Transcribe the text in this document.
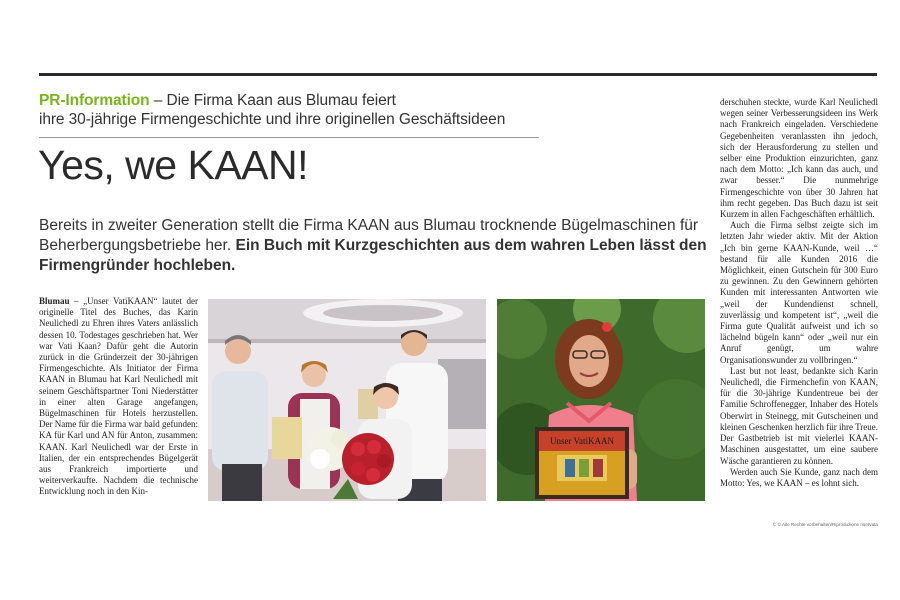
PR-Information – Die Firma Kaan aus Blumau feiert
ihre 30-jährige Firmengeschichte und ihre originellen Geschäftsideen
Yes, we KAAN!
Bereits in zweiter Generation stellt die Firma KAAN aus Blumau trocknende Bügelmaschinen für Beherbergungsbetriebe her. Ein Buch mit Kurzgeschichten aus dem wahren Leben lässt den Firmengründer hochleben.

Blumau – „Unser VatiKAAN“ lautet der originelle Titel des Buches, das Karin Neulichedl zu Ehren ihres Vaters anlässlich dessen 10. Todestages geschrieben hat. Wer war Vati Kaan? Dafür geht die Autorin zurück in die Gründerzeit der 30-jährigen Firmengeschichte. Als Initiator der Firma KAAN in Blumau hat Karl Neulichedl mit seinem Geschäftspartner Toni Niederstätter in einer alten Garage angefangen, Bügelmaschinen für Hotels herzustellen. Der Name für die Firma war bald gefunden: KA für Karl und AN für Anton, zusammen: KAAN. Karl Neulichedl war der Erste in Italien, der ein entsprechendes Bügelgerät aus Frankreich importierte und weiterverkaufte. Nachdem die technische Entwicklung noch in den Kin-

Unser VatiKAAN

derschuhen steckte, wurde Karl Neulichedl wegen seiner Verbesserungsideen ins Werk nach Frankreich eingeladen. Verschiedene Gegebenheiten veranlassten ihn jedoch, sich der Herausforderung zu stellen und selber eine Produktion einzurichten, ganz nach dem Motto: „Ich kann das auch, und zwar besser.“ Die nunmehrige Firmengeschichte von über 30 Jahren hat ihm recht gegeben. Das Buch dazu ist seit Kurzem in allen Fachgeschäften erhältlich.

Auch die Firma selbst zeigte sich im letzten Jahr wieder aktiv. Mit der Aktion „Ich bin gerne KAAN-Kunde, weil …“ bestand für alle Kunden 2016 die Möglichkeit, einen Gutschein für 300 Euro zu gewinnen. Zu den Gewinnern gehörten Kunden mit interessanten Antworten wie „weil der Kundendienst schnell, zuverlässig und kompetent ist“, „weil die Firma gute Qualität aufweist und ich so lächelnd bügeln kann“ oder „weil nur ein Anruf genügt, um wahre Organisationswunder zu vollbringen.“

Last but not least, bedankte sich Karin Neulichedl, die Firmenchefin von KAAN, für die 30-jährige Kundentreue bei der Familie Schroffenegger, Inhaber des Hotels Oberwirt in Steinegg, mit Gutscheinen und kleinen Geschenken herzlich für ihre Treue. Der Gastbetrieb ist mit vielerlei KAAN-Maschinen ausgestattet, um eine saubere Wäsche garantieren zu können.

Werden auch Sie Kunde, ganz nach dem Motto: Yes, we KAAN – es lohnt sich.

© © Alle Rechte vorbehalten/Riproduzione riservata
